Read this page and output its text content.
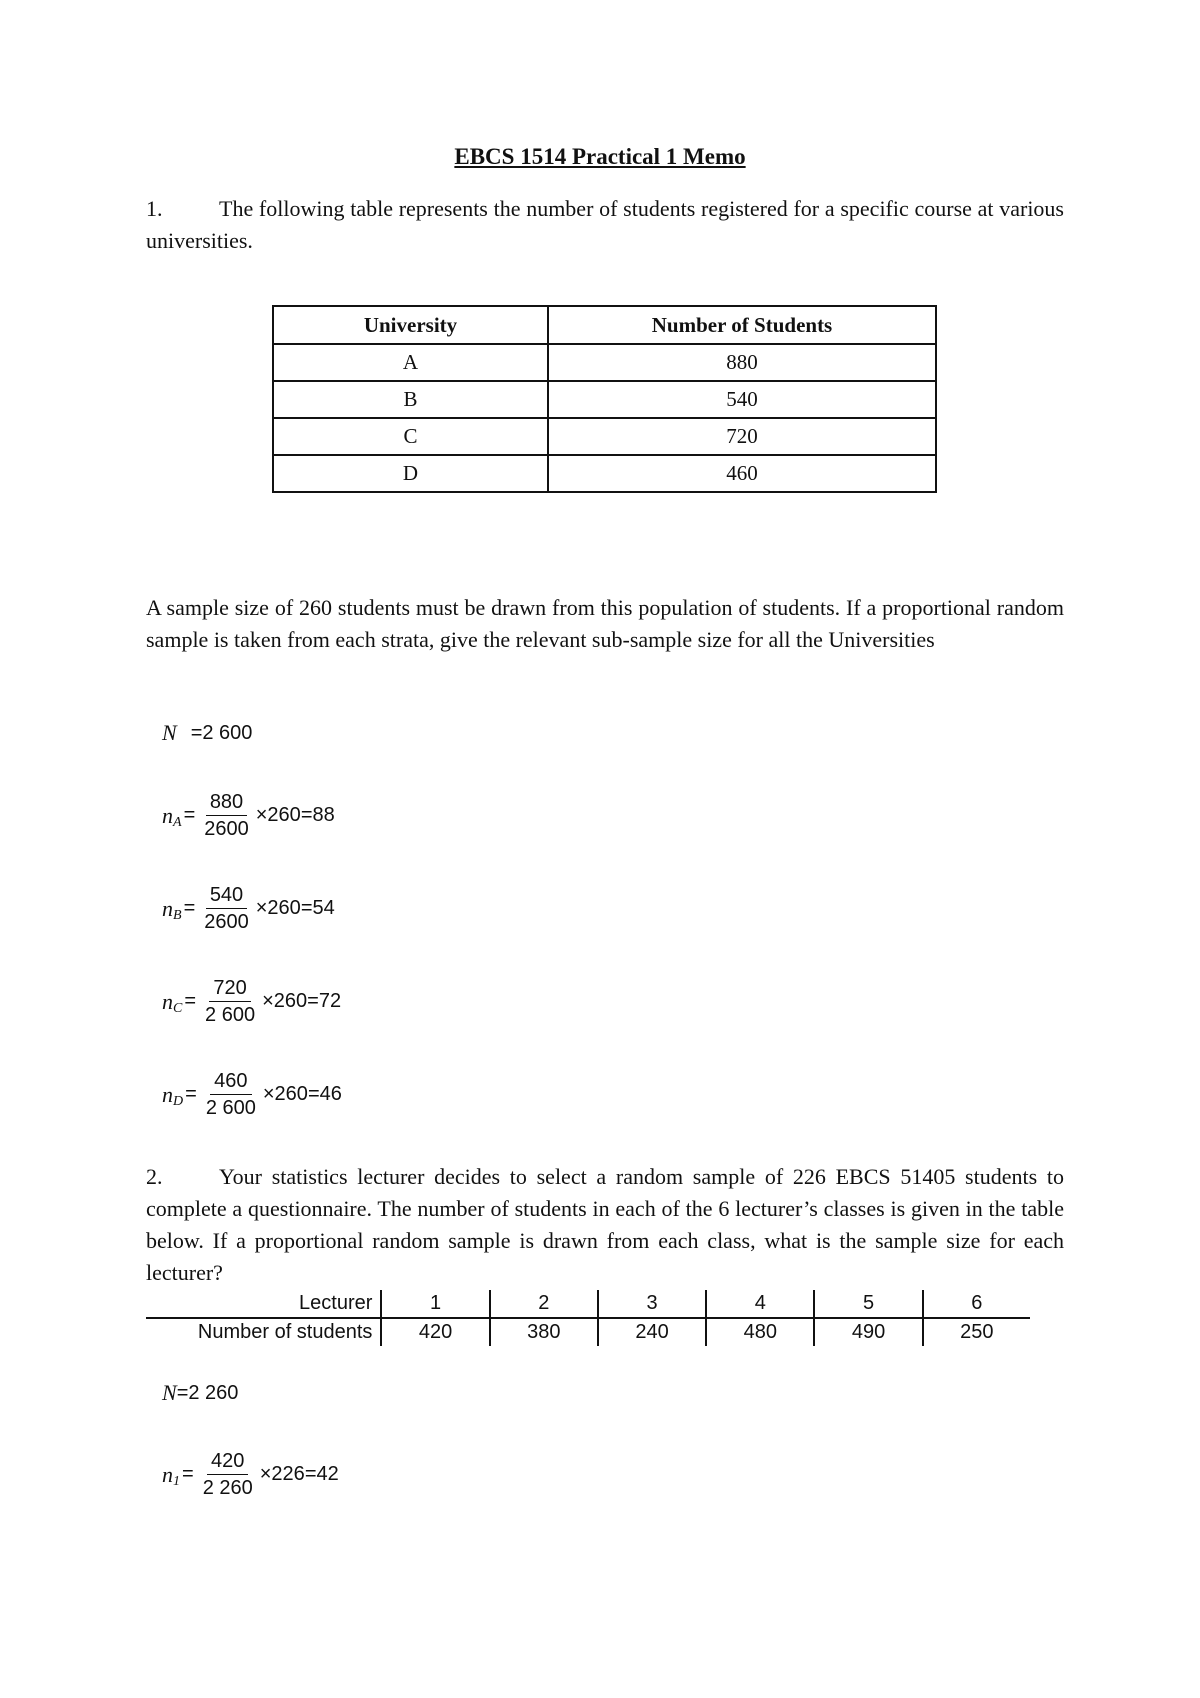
EBCS 1514 Practical 1 Memo
1.	The following table represents the number of students registered for a specific course at various universities.
University	Number of Students
A	880
B	540
C	720
D	460
A sample size of 260 students must be drawn from this population of students. If a proportional random sample is taken from each strata, give the relevant sub-sample size for all the Universities
N =2 600
n $A = \frac{880}{2600} \times 260 =88$
n $B = \frac{540}{2600} \times 260 =54$
n $C = \frac{720}{2 600} \times 260 =72$
n $D = \frac{460}{2 600} \times 260 =46$
2.	Your statistics lecturer decides to select a random sample of 226 EBCS 51405 students to complete a questionnaire. The number of students in each of the 6 lecturer’s classes is given in the table below. If a proportional random sample is drawn from each class, what is the sample size for each lecturer?
Lecturer	1	2	3	4	5	6
Number of students	420	380	240	480	490	250
N =2 260
n $1 = \frac{420}{2 260} \times 226 =42$
